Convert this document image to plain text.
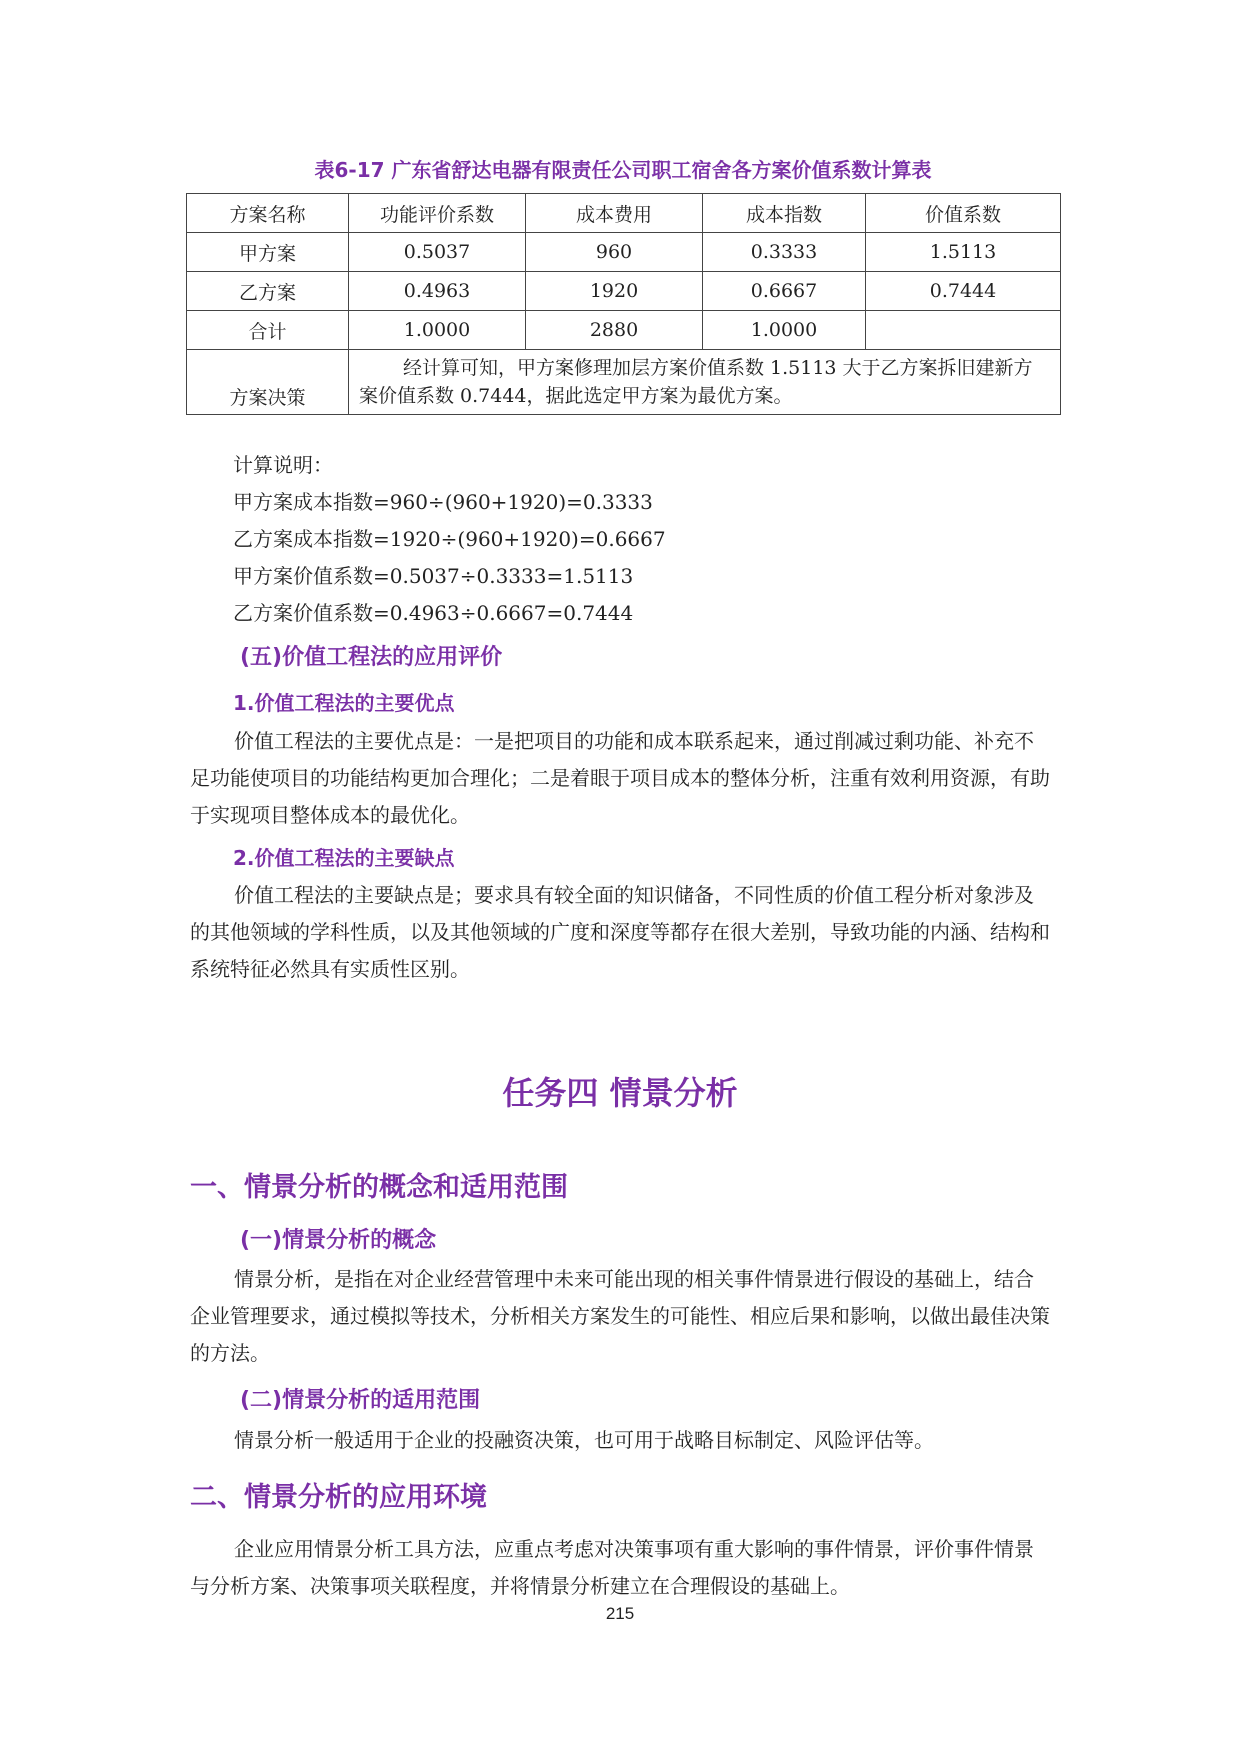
表6-17 广东省舒达电器有限责任公司职工宿舍各方案价值系数计算表
方案名称	功能评价系数	成本费用	成本指数	价值系数
甲方案	0.5037	960	0.3333	1.5113
乙方案	0.4963	1920	0.6667	0.7444
合计	1.0000	2880	1.0000	
方案决策	经计算可知，甲方案修理加层方案价值系数 1.5113 大于乙方案拆旧建新方案价值系数 0.7444，据此选定甲方案为最优方案。			
计算说明：
甲方案成本指数=960÷(960+1920)=0.3333
乙方案成本指数=1920÷(960+1920)=0.6667
甲方案价值系数=0.5037÷0.3333=1.5113
乙方案价值系数=0.4963÷0.6667=0.7444
(五)价值工程法的应用评价
1.价值工程法的主要优点
价值工程法的主要优点是：一是把项目的功能和成本联系起来，通过削减过剩功能、补充不足功能使项目的功能结构更加合理化；二是着眼于项目成本的整体分析，注重有效利用资源，有助于实现项目整体成本的最优化。
2.价值工程法的主要缺点
价值工程法的主要缺点是；要求具有较全面的知识储备，不同性质的价值工程分析对象涉及的其他领域的学科性质，以及其他领域的广度和深度等都存在很大差别，导致功能的内涵、结构和系统特征必然具有实质性区别。
任务四 情景分析
一、情景分析的概念和适用范围
(一)情景分析的概念
情景分析，是指在对企业经营管理中未来可能出现的相关事件情景进行假设的基础上，结合企业管理要求，通过模拟等技术，分析相关方案发生的可能性、相应后果和影响，以做出最佳决策的方法。
(二)情景分析的适用范围
情景分析一般适用于企业的投融资决策，也可用于战略目标制定、风险评估等。
二、情景分析的应用环境
企业应用情景分析工具方法，应重点考虑对决策事项有重大影响的事件情景，评价事件情景与分析方案、决策事项关联程度，并将情景分析建立在合理假设的基础上。
215
